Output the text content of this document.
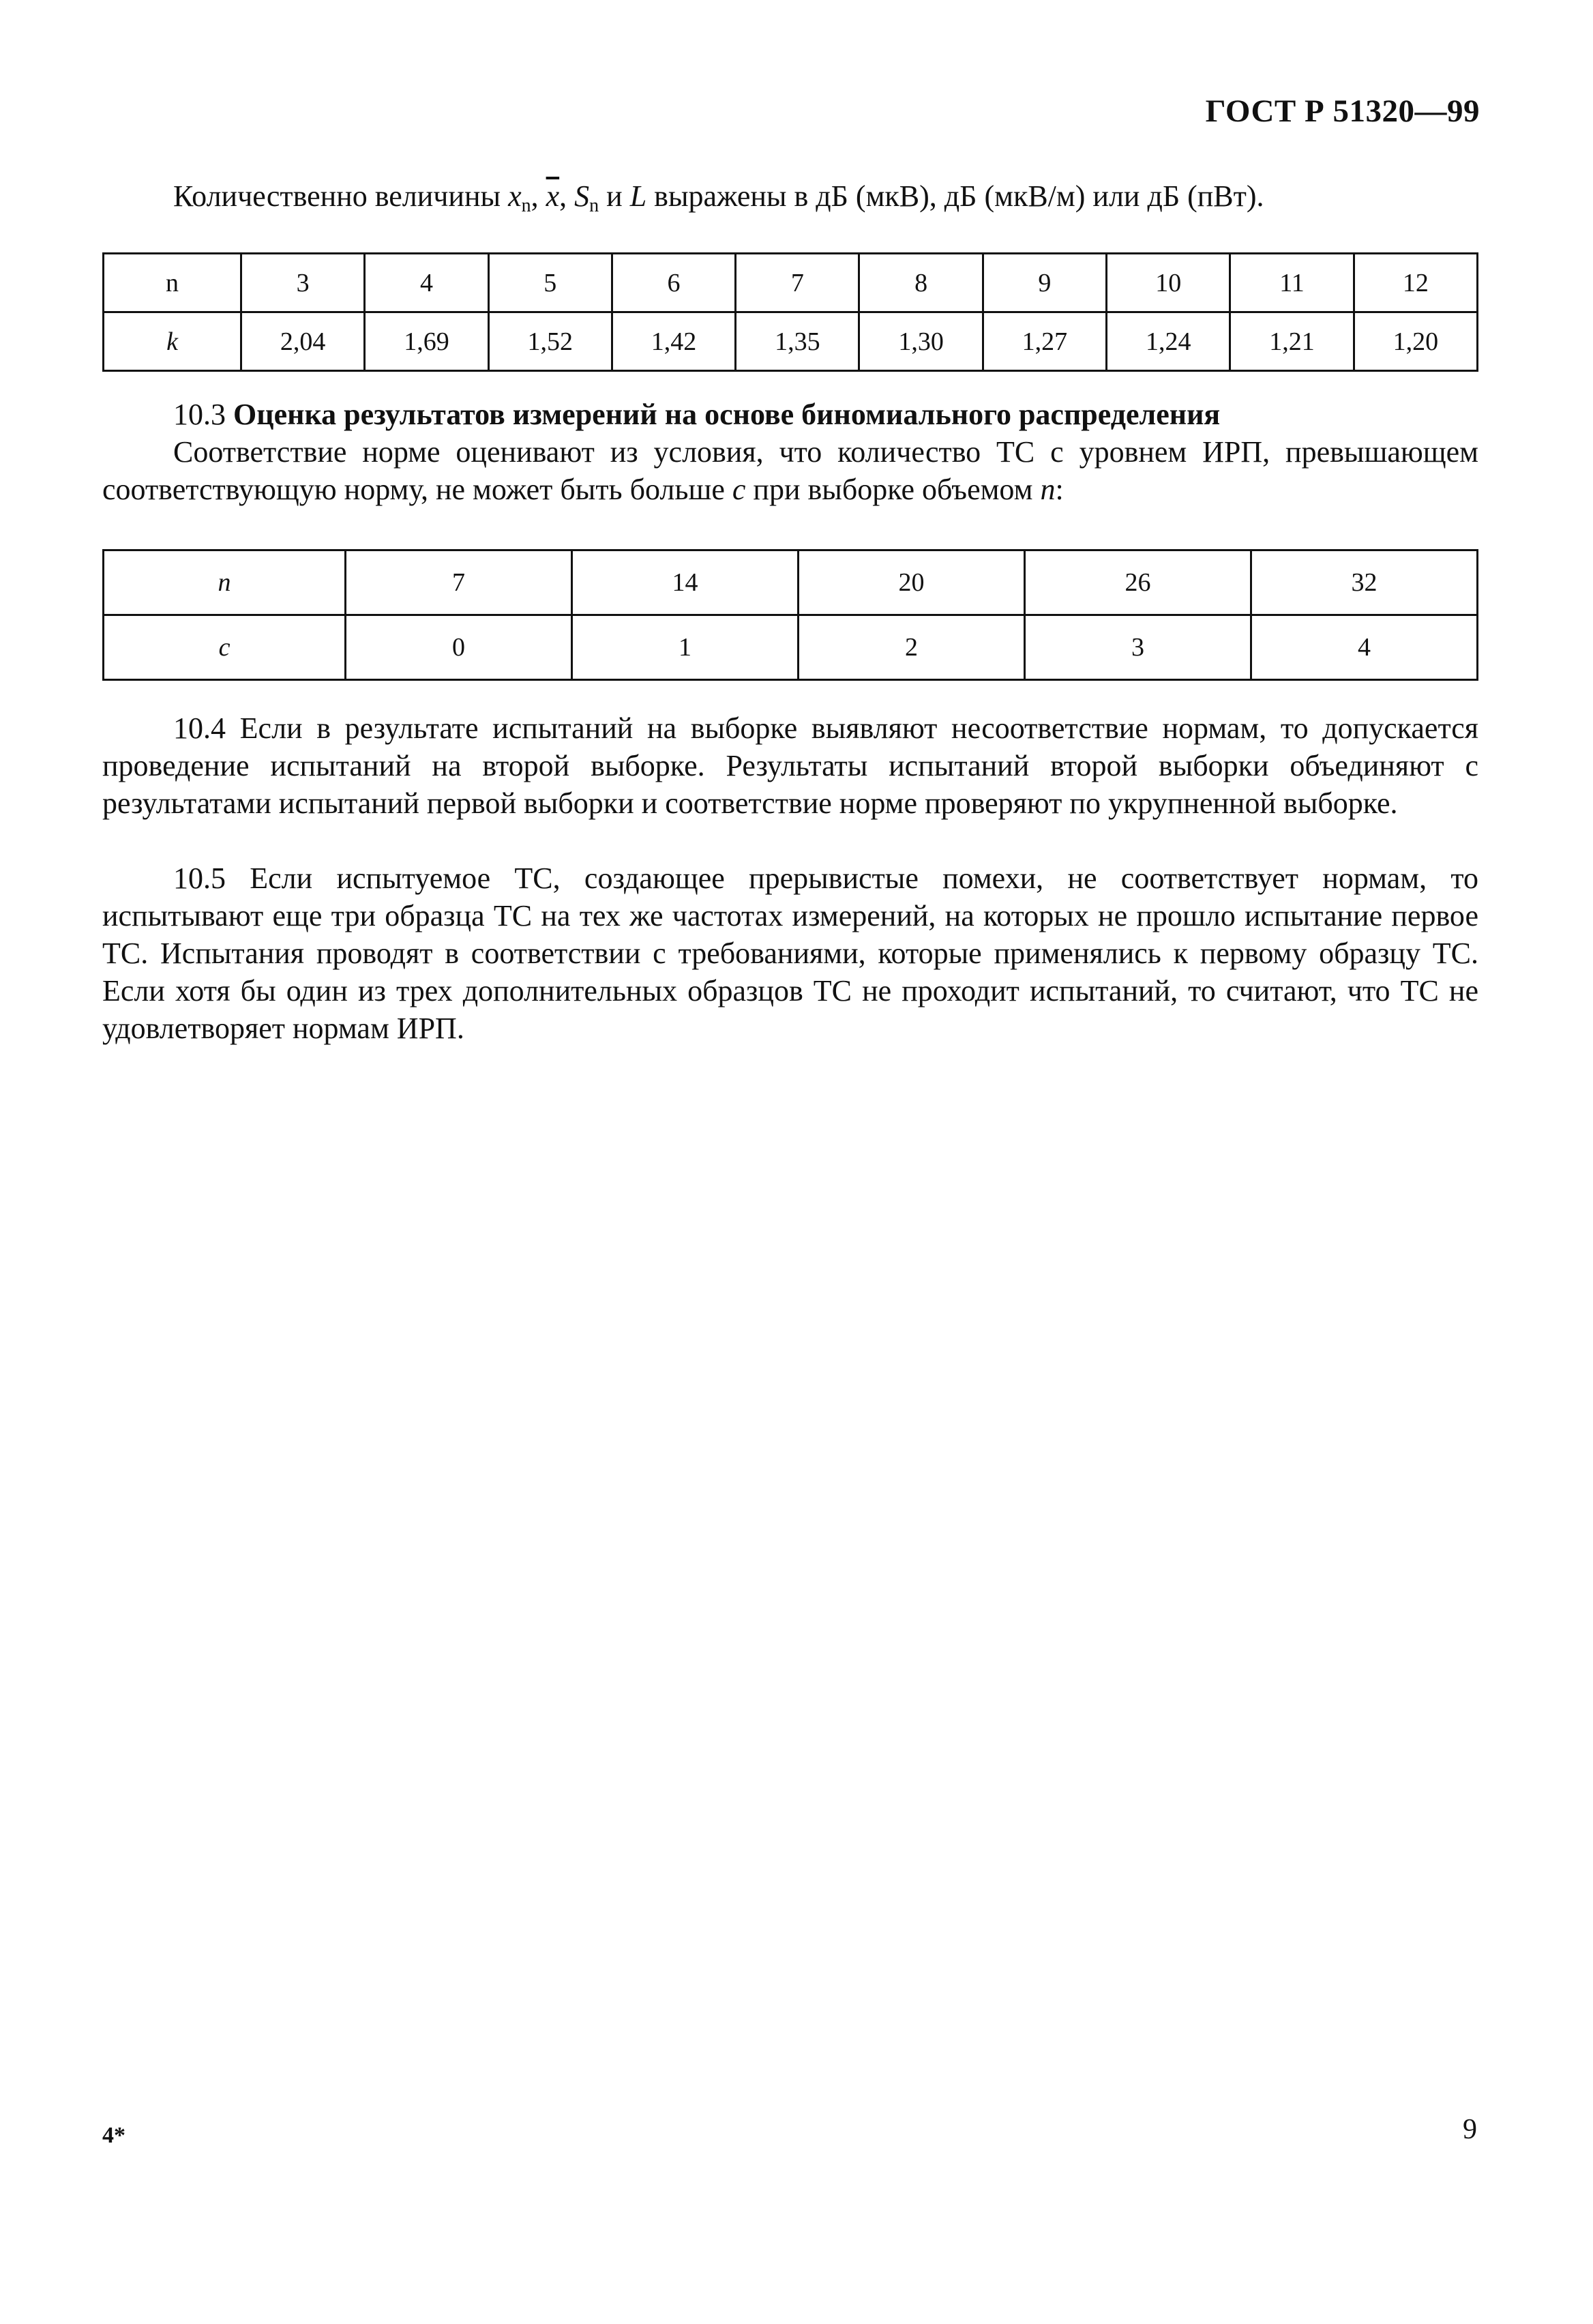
ГОСТ Р 51320—99

Количественно величины $x_n$, $\overline{x}$, $S_n$ и L выражены в дБ (мкВ), дБ (мкВ/м) или дБ (пВт).

n	3	4	5	6	7	8	9	10	11	12
k	2,04	1,69	1,52	1,42	1,35	1,30	1,27	1,24	1,21	1,20
10.3 Оценка результатов измерений на основе биномиального распределения
Соответствие норме оценивают из условия, что количество ТС с уровнем ИРП, превышающем соответствующую норму, не может быть больше c при выборке объемом n:
n	7	14	20	26	32
c	0	1	2	3	4

10.4 Если в результате испытаний на выборке выявляют несоответствие нормам, то допускается проведение испытаний на второй выборке. Результаты испытаний второй выборки объединяют с результатами испытаний первой выборки и соответствие норме проверяют по укрупненной выборке.

10.5 Если испытуемое ТС, создающее прерывистые помехи, не соответствует нормам, то испытывают еще три образца ТС на тех же частотах измерений, на которых не прошло испытание первое ТС. Испытания проводят в соответствии с требованиями, которые применялись к первому образцу ТС. Если хотя бы один из трех дополнительных образцов ТС не проходит испытаний, то считают, что ТС не удовлетворяет нормам ИРП.

4*	9
